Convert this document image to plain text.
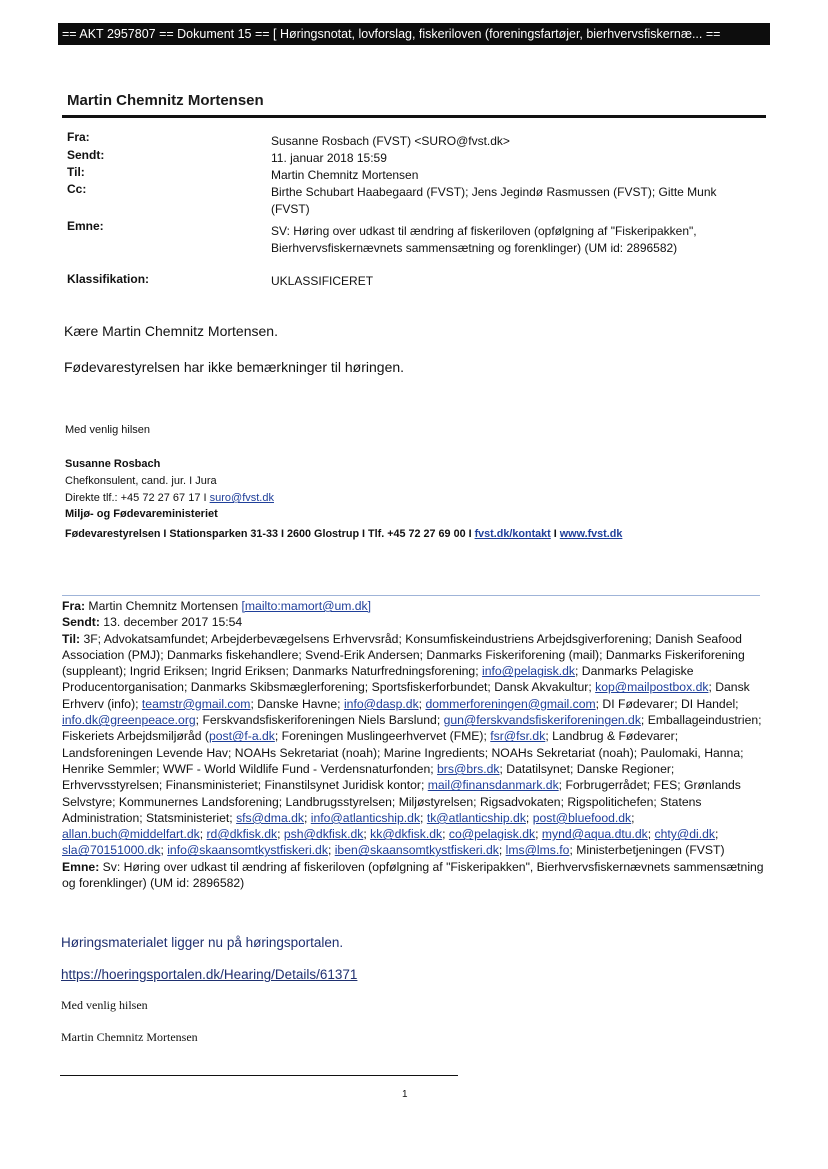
== AKT 2957807 == Dokument 15 == [ Høringsnotat, lovforslag, fiskeriloven (foreningsfartøjer, bierhvervsfiskernæ... ==
Martin Chemnitz Mortensen
Fra:	Susanne Rosbach (FVST) <SURO@fvst.dk>
Sendt:	11. januar 2018 15:59
Til:	Martin Chemnitz Mortensen
Cc:	Birthe Schubart Haabegaard (FVST); Jens Jegindø Rasmussen (FVST); Gitte Munk (FVST)
Emne:	SV: Høring over udkast til ændring af fiskeriloven (opfølgning af "Fiskeripakken", Bierhvervsfiskernævnets sammensætning og forenklinger) (UM id: 2896582)
Klassifikation:	UKLASSIFICERET
Kære Martin Chemnitz Mortensen.
Fødevarestyrelsen har ikke bemærkninger til høringen.
Med venlig hilsen
Susanne Rosbach
Chefkonsulent, cand. jur. I Jura
Direkte tlf.: +45 72 27 67 17 I suro@fvst.dk
Miljø- og Fødevareministeriet
Fødevarestyrelsen I Stationsparken 31-33 I 2600 Glostrup I Tlf. +45 72 27 69 00 I fvst.dk/kontakt I www.fvst.dk
Fra: Martin Chemnitz Mortensen [mailto:mamort@um.dk]
Sendt: 13. december 2017 15:54
Til: 3F; Advokatsamfundet; Arbejderbevægelsens Erhvervsråd; Konsumfiskeindustriens Arbejdsgiverforening; Danish Seafood Association (PMJ); Danmarks fiskehandlere; Svend-Erik Andersen; Danmarks Fiskeriforening (mail); Danmarks Fiskeriforening (suppleant); Ingrid Eriksen; Ingrid Eriksen; Danmarks Naturfredningsforening; info@pelagisk.dk; Danmarks Pelagiske Producentorganisation; Danmarks Skibsmæglerforening; Sportsfiskerforbundet; Dansk Akvakultur; kop@mailpostbox.dk; Dansk Erhverv (info); teamstr@gmail.com; Danske Havne; info@dasp.dk; dommerforeningen@gmail.com; DI Fødevarer; DI Handel; info.dk@greenpeace.org; Ferskvandsfiskeriforeningen Niels Barslund; gun@ferskvandsfiskeriforeningen.dk; Emballageindustrien; Fiskeriets Arbejdsmiljøråd (post@f-a.dk; Foreningen Muslingeerhvervet (FME); fsr@fsr.dk; Landbrug & Fødevarer; Landsforeningen Levende Hav; NOAHs Sekretariat (noah); Marine Ingredients; NOAHs Sekretariat (noah); Paulomaki, Hanna; Henrike Semmler; WWF - World Wildlife Fund - Verdensnaturfonden; brs@brs.dk; Datatilsynet; Danske Regioner; Erhvervsstyrelsen; Finansministeriet; Finanstilsynet Juridisk kontor; mail@finansdanmark.dk; Forbrugerrådet; FES; Grønlands Selvstyre; Kommunernes Landsforening; Landbrugsstyrelsen; Miljøstyrelsen; Rigsadvokaten; Rigspolitichefen; Statens Administration; Statsministeriet; sfs@dma.dk; info@atlanticship.dk; tk@atlanticship.dk; post@bluefood.dk; allan.buch@middelfart.dk; rd@dkfisk.dk; psh@dkfisk.dk; kk@dkfisk.dk; co@pelagisk.dk; mynd@aqua.dtu.dk; chty@di.dk; sla@70151000.dk; info@skaansomtkystfiskeri.dk; iben@skaansomtkystfiskeri.dk; lms@lms.fo; Ministerbetjeningen (FVST)
Emne: Sv: Høring over udkast til ændring af fiskeriloven (opfølgning af "Fiskeripakken", Bierhvervsfiskernævnets sammensætning og forenklinger) (UM id: 2896582)
Høringsmaterialet ligger nu på høringsportalen.
https://hoeringsportalen.dk/Hearing/Details/61371
Med venlig hilsen
Martin Chemnitz Mortensen
1
